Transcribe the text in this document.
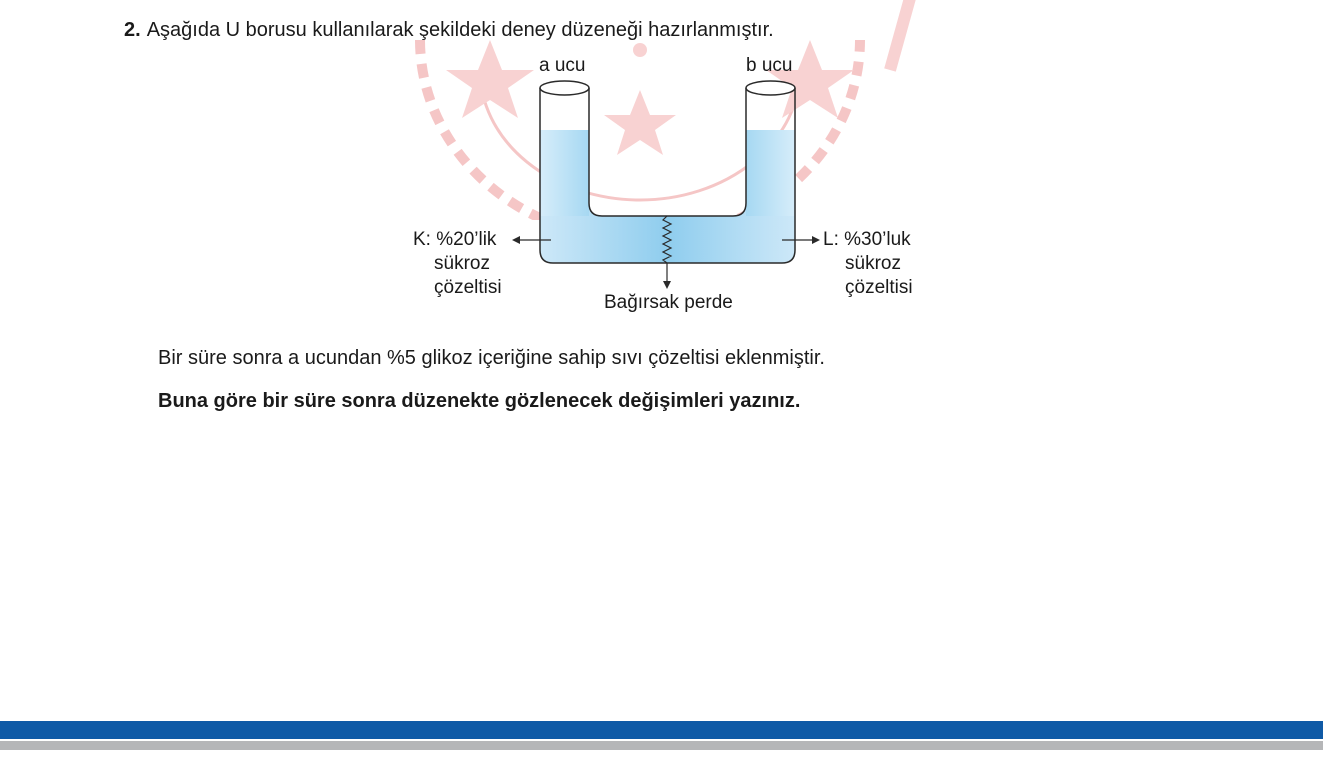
2. Aşağıda U borusu kullanılarak şekildeki deney düzeneği hazırlanmıştır.
a ucu	b ucu
K: %20’lik
sükroz
çözeltisi
L: %30’luk
sükroz
çözeltisi
Bağırsak perde
Bir süre sonra a ucundan %5 glikoz içeriğine sahip sıvı çözeltisi eklenmiştir.
Buna göre bir süre sonra düzenekte gözlenecek değişimleri yazınız.
